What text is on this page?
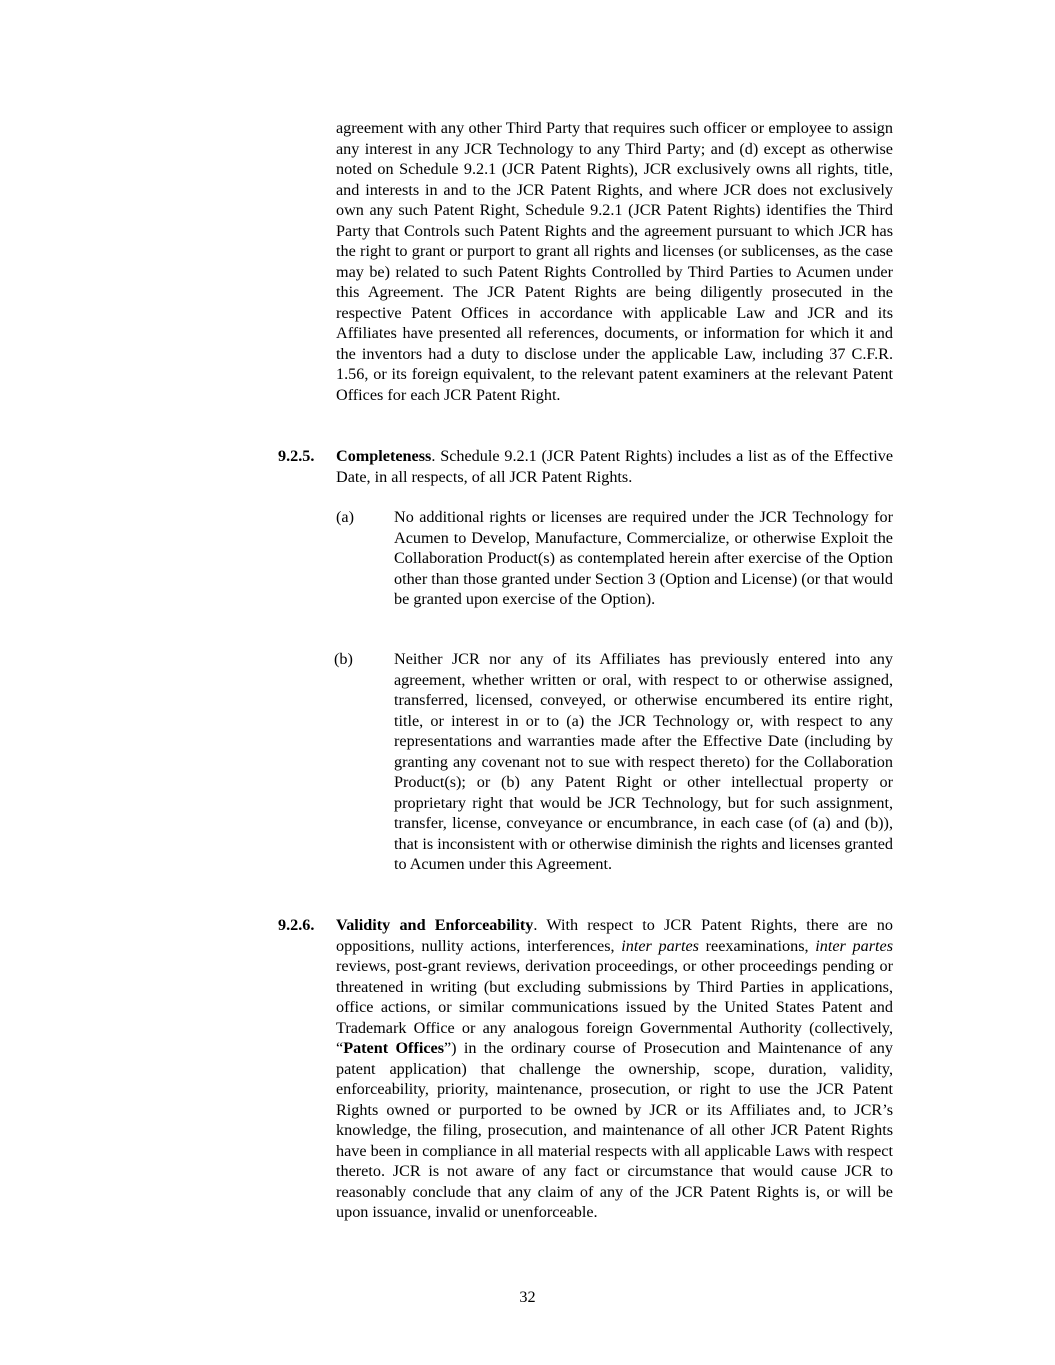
agreement with any other Third Party that requires such officer or employee to assign any interest in any JCR Technology to any Third Party; and (d) except as otherwise noted on Schedule 9.2.1 (JCR Patent Rights), JCR exclusively owns all rights, title, and interests in and to the JCR Patent Rights, and where JCR does not exclusively own any such Patent Right, Schedule 9.2.1 (JCR Patent Rights) identifies the Third Party that Controls such Patent Rights and the agreement pursuant to which JCR has the right to grant or purport to grant all rights and licenses (or sublicenses, as the case may be) related to such Patent Rights Controlled by Third Parties to Acumen under this Agreement. The JCR Patent Rights are being diligently prosecuted in the respective Patent Offices in accordance with applicable Law and JCR and its Affiliates have presented all references, documents, or information for which it and the inventors had a duty to disclose under the applicable Law, including 37 C.F.R. 1.56, or its foreign equivalent, to the relevant patent examiners at the relevant Patent Offices for each JCR Patent Right.

9.2.5. Completeness. Schedule 9.2.1 (JCR Patent Rights) includes a list as of the Effective Date, in all respects, of all JCR Patent Rights.

(a) No additional rights or licenses are required under the JCR Technology for Acumen to Develop, Manufacture, Commercialize, or otherwise Exploit the Collaboration Product(s) as contemplated herein after exercise of the Option other than those granted under Section 3 (Option and License) (or that would be granted upon exercise of the Option).

(b)	Neither JCR nor any of its Affiliates has previously entered into any agreement, whether written or oral, with respect to or otherwise assigned, transferred, licensed, conveyed, or otherwise encumbered its entire right, title, or interest in or to (a) the JCR Technology or, with respect to any representations and warranties made after the Effective Date (including by granting any covenant not to sue with respect thereto) for the Collaboration Product(s); or (b) any Patent Right or other intellectual property or proprietary right that would be JCR Technology, but for such assignment, transfer, license, conveyance or encumbrance, in each case (of (a) and (b)), that is inconsistent with or otherwise diminish the rights and licenses granted to Acumen under this Agreement.

9.2.6. Validity and Enforceability. With respect to JCR Patent Rights, there are no oppositions, nullity actions, interferences, inter partes reexaminations, inter partes reviews, post-grant reviews, derivation proceedings, or other proceedings pending or threatened in writing (but excluding submissions by Third Parties in applications, office actions, or similar communications issued by the United States Patent and Trademark Office or any analogous foreign Governmental Authority (collectively, “Patent Offices”) in the ordinary course of Prosecution and Maintenance of any patent application) that challenge the ownership, scope, duration, validity, enforceability, priority, maintenance, prosecution, or right to use the JCR Patent Rights owned or purported to be owned by JCR or its Affiliates and, to JCR’s knowledge, the filing, prosecution, and maintenance of all other JCR Patent Rights have been in compliance in all material respects with all applicable Laws with respect thereto. JCR is not aware of any fact or circumstance that would cause JCR to reasonably conclude that any claim of any of the JCR Patent Rights is, or will be upon issuance, invalid or unenforceable.

32
